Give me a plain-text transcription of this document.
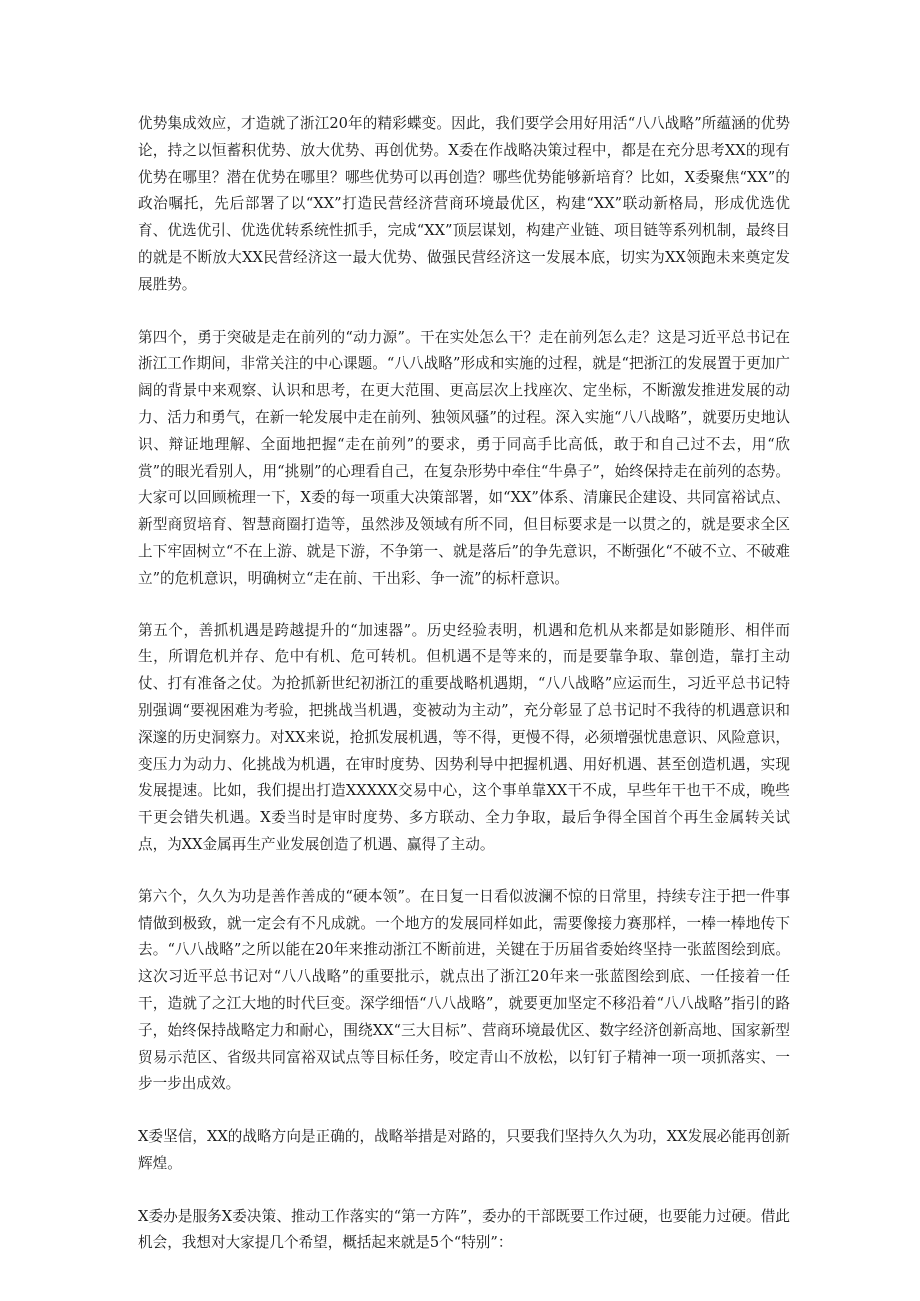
优势集成效应，才造就了浙江20年的精彩蝶变。因此，我们要学会用好用活“八八战略”所蕴涵的优势论，持之以恒蓄积优势、放大优势、再创优势。X委在作战略决策过程中，都是在充分思考XX的现有优势在哪里？潜在优势在哪里？哪些优势可以再创造？哪些优势能够新培育？比如，X委聚焦“XX”的政治嘱托，先后部署了以“XX”打造民营经济营商环境最优区，构建“XX”联动新格局，形成优选优育、优选优引、优选优转系统性抓手，完成“XX”顶层谋划，构建产业链、项目链等系列机制，最终目的就是不断放大XX民营经济这一最大优势、做强民营经济这一发展本底，切实为XX领跑未来奠定发展胜势。

第四个，勇于突破是走在前列的“动力源”。干在实处怎么干？走在前列怎么走？这是习近平总书记在浙江工作期间，非常关注的中心课题。“八八战略”形成和实施的过程，就是“把浙江的发展置于更加广阔的背景中来观察、认识和思考，在更大范围、更高层次上找座次、定坐标，不断激发推进发展的动力、活力和勇气，在新一轮发展中走在前列、独领风骚”的过程。深入实施“八八战略”，就要历史地认识、辩证地理解、全面地把握“走在前列”的要求，勇于同高手比高低，敢于和自己过不去，用“欣赏”的眼光看别人，用“挑剔”的心理看自己，在复杂形势中牵住“牛鼻子”，始终保持走在前列的态势。大家可以回顾梳理一下，X委的每一项重大决策部署，如“XX”体系、清廉民企建设、共同富裕试点、新型商贸培育、智慧商圈打造等，虽然涉及领域有所不同，但目标要求是一以贯之的，就是要求全区上下牢固树立“不在上游、就是下游，不争第一、就是落后”的争先意识，不断强化“不破不立、不破难立”的危机意识，明确树立“走在前、干出彩、争一流”的标杆意识。

第五个，善抓机遇是跨越提升的“加速器”。历史经验表明，机遇和危机从来都是如影随形、相伴而生，所谓危机并存、危中有机、危可转机。但机遇不是等来的，而是要靠争取、靠创造，靠打主动仗、打有准备之仗。为抢抓新世纪初浙江的重要战略机遇期，“八八战略”应运而生，习近平总书记特别强调“要视困难为考验，把挑战当机遇，变被动为主动”，充分彰显了总书记时不我待的机遇意识和深邃的历史洞察力。对XX来说，抢抓发展机遇，等不得，更慢不得，必须增强忧患意识、风险意识，变压力为动力、化挑战为机遇，在审时度势、因势利导中把握机遇、用好机遇、甚至创造机遇，实现发展提速。比如，我们提出打造XXXXX交易中心，这个事单靠XX干不成，早些年干也干不成，晚些干更会错失机遇。X委当时是审时度势、多方联动、全力争取，最后争得全国首个再生金属转关试点，为XX金属再生产业发展创造了机遇、赢得了主动。

第六个，久久为功是善作善成的“硬本领”。在日复一日看似波澜不惊的日常里，持续专注于把一件事情做到极致，就一定会有不凡成就。一个地方的发展同样如此，需要像接力赛那样，一棒一棒地传下去。“八八战略”之所以能在20年来推动浙江不断前进，关键在于历届省委始终坚持一张蓝图绘到底。这次习近平总书记对“八八战略”的重要批示，就点出了浙江20年来一张蓝图绘到底、一任接着一任干，造就了之江大地的时代巨变。深学细悟“八八战略”，就要更加坚定不移沿着“八八战略”指引的路子，始终保持战略定力和耐心，围绕XX“三大目标”、营商环境最优区、数字经济创新高地、国家新型贸易示范区、省级共同富裕双试点等目标任务，咬定青山不放松，以钉钉子精神一项一项抓落实、一步一步出成效。

X委坚信，XX的战略方向是正确的，战略举措是对路的，只要我们坚持久久为功，XX发展必能再创新辉煌。

X委办是服务X委决策、推动工作落实的“第一方阵”，委办的干部既要工作过硬，也要能力过硬。借此机会，我想对大家提几个希望，概括起来就是5个“特别”：
